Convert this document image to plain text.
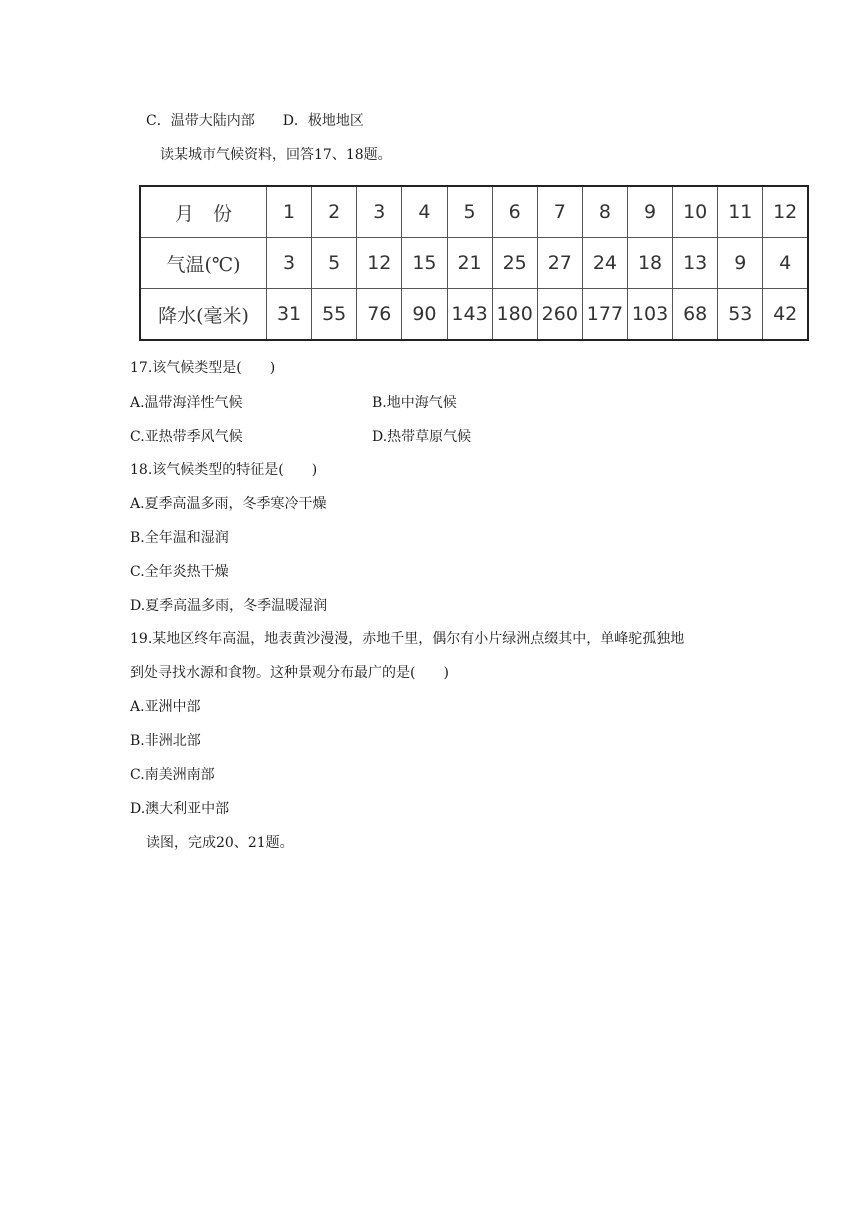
C．温带大陆内部　　D．极地地区
读某城市气候资料，回答17、18题。
月　份	1	2	3	4	5	6	7	8	9	10	11	12
气温(℃)	3	5	12	15	21	25	27	24	18	13	9	4
降水(毫米)	31	55	76	90	143	180	260	177	103	68	53	42
17.该气候类型是(　　)
A.温带海洋性气候	B.地中海气候
C.亚热带季风气候	D.热带草原气候
18.该气候类型的特征是(　　)
A.夏季高温多雨，冬季寒冷干燥
B.全年温和湿润
C.全年炎热干燥
D.夏季高温多雨，冬季温暖湿润
19.某地区终年高温，地表黄沙漫漫，赤地千里，偶尔有小片绿洲点缀其中，单峰驼孤独地
到处寻找水源和食物。这种景观分布最广的是(　　)
A.亚洲中部
B.非洲北部
C.南美洲南部
D.澳大利亚中部
读图，完成20、21题。
